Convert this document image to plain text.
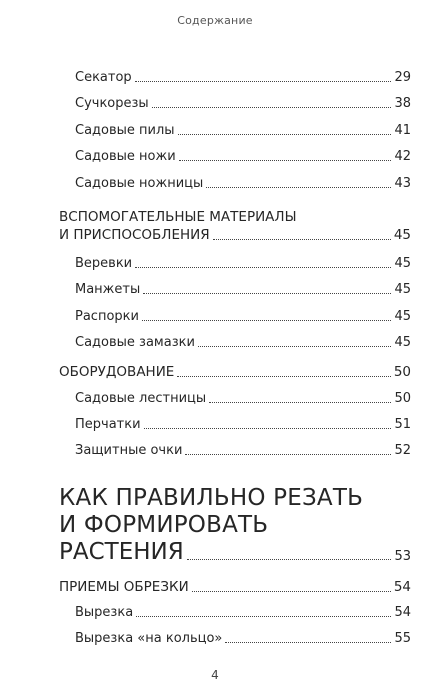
Содержание
Секатор	29
Сучкорезы	38
Садовые пилы	41
Садовые ножи	42
Садовые ножницы	43
ВСПОМОГАТЕЛЬНЫЕ МАТЕРИАЛЫ
И ПРИСПОСОБЛЕНИЯ	45
Веревки	45
Манжеты	45
Распорки	45
Садовые замазки	45
ОБОРУДОВАНИЕ	50
Садовые лестницы	50
Перчатки	51
Защитные очки	52
КАК ПРАВИЛЬНО РЕЗАТЬ
И ФОРМИРОВАТЬ
РАСТЕНИЯ	53
ПРИЕМЫ ОБРЕЗКИ	54
Вырезка	54
Вырезка «на кольцо»	55
4
